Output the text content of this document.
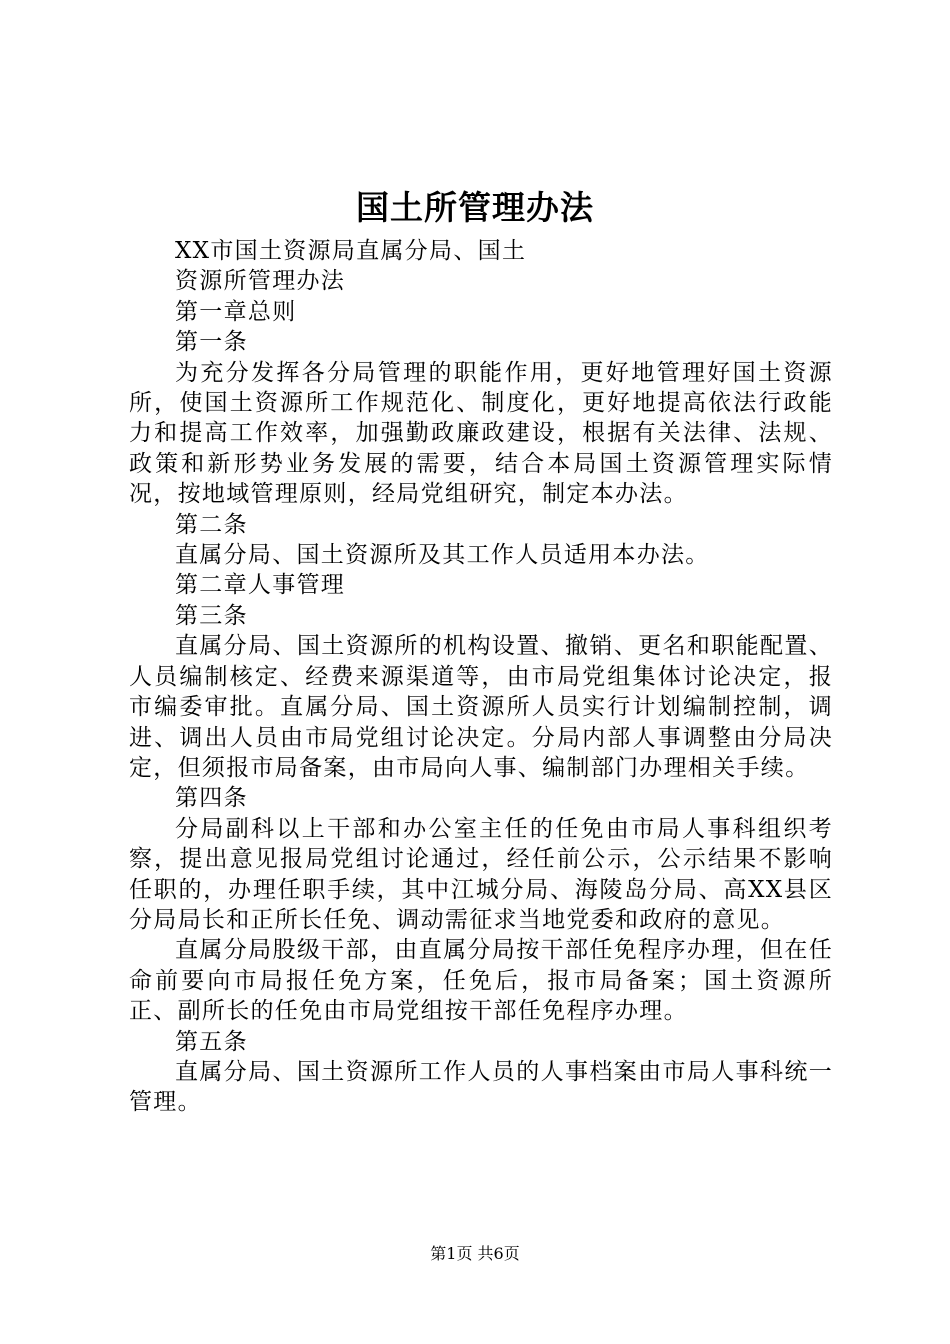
国土所管理办法

XX市国土资源局直属分局、国土

资源所管理办法

第一章总则

第一条

为充分发挥各分局管理的职能作用，更好地管理好国土资源所，使国土资源所工作规范化、制度化，更好地提高依法行政能力和提高工作效率，加强勤政廉政建设，根据有关法律、法规、政策和新形势业务发展的需要，结合本局国土资源管理实际情况，按地域管理原则，经局党组研究，制定本办法。

第二条

直属分局、国土资源所及其工作人员适用本办法。

第二章人事管理

第三条

直属分局、国土资源所的机构设置、撤销、更名和职能配置、人员编制核定、经费来源渠道等，由市局党组集体讨论决定，报市编委审批。直属分局、国土资源所人员实行计划编制控制，调进、调出人员由市局党组讨论决定。分局内部人事调整由分局决定，但须报市局备案，由市局向人事、编制部门办理相关手续。

第四条

分局副科以上干部和办公室主任的任免由市局人事科组织考察，提出意见报局党组讨论通过，经任前公示，公示结果不影响任职的，办理任职手续，其中江城分局、海陵岛分局、高XX县区分局局长和正所长任免、调动需征求当地党委和政府的意见。

直属分局股级干部，由直属分局按干部任免程序办理，但在任命前要向市局报任免方案，任免后，报市局备案；国土资源所正、副所长的任免由市局党组按干部任免程序办理。

第五条

直属分局、国土资源所工作人员的人事档案由市局人事科统一管理。

第1页 共6页
